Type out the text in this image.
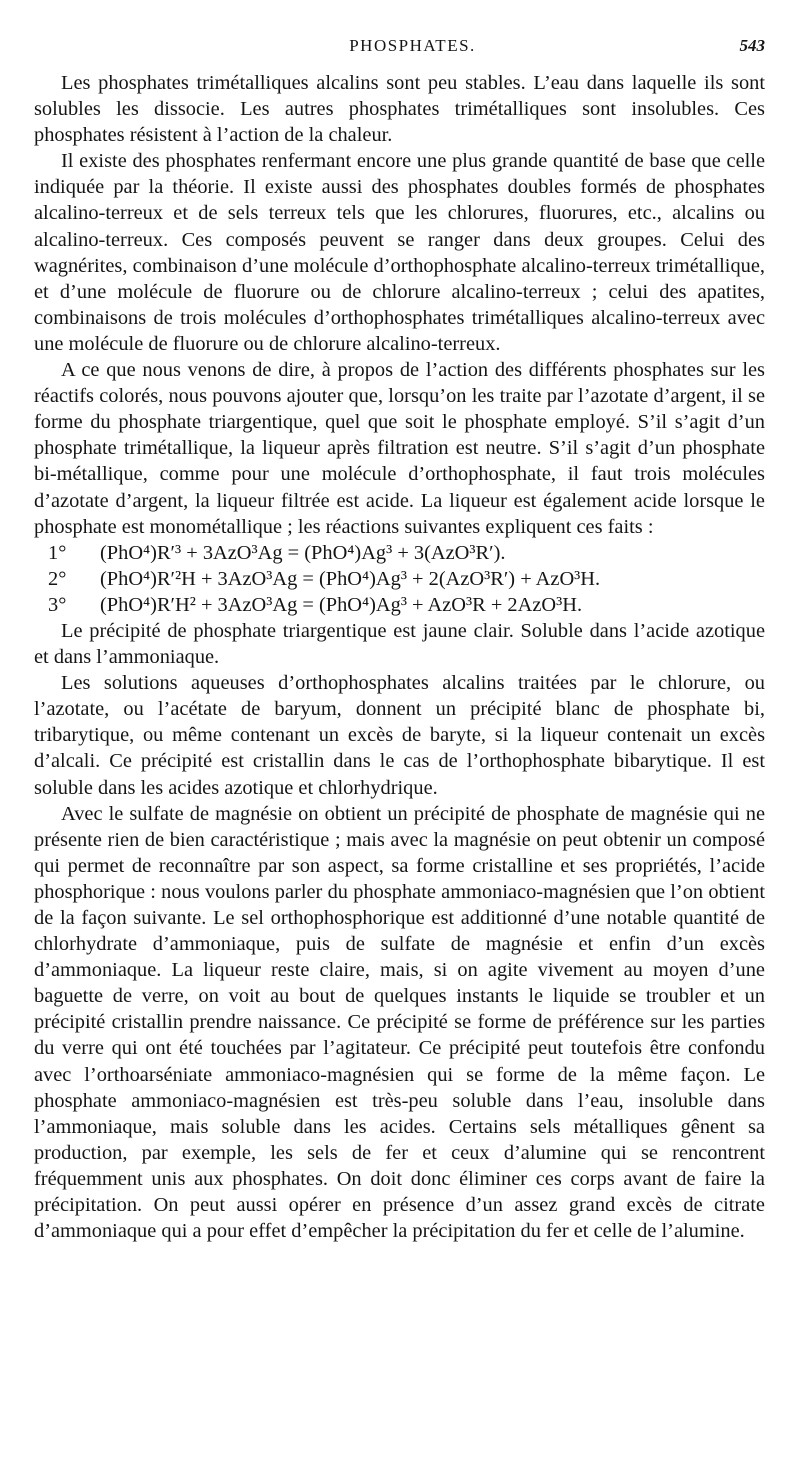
PHOSPHATES.	543

Les phosphates trimétalliques alcalins sont peu stables. L’eau dans laquelle ils sont solubles les dissocie. Les autres phosphates trimétalliques sont insolubles. Ces phosphates résistent à l’action de la chaleur.

Il existe des phosphates renfermant encore une plus grande quantité de base que celle indiquée par la théorie. Il existe aussi des phosphates doubles formés de phosphates alcalino-terreux et de sels terreux tels que les chlorures, fluorures, etc., alcalins ou alcalino-terreux. Ces composés peuvent se ranger dans deux groupes. Celui des wagnérites, combinaison d’une molécule d’orthophosphate alcalino-terreux trimétallique, et d’une molécule de fluorure ou de chlorure alcalino-terreux ; celui des apatites, combinaisons de trois molécules d’orthophosphates trimétalliques alcalino-terreux avec une molécule de fluorure ou de chlorure alcalino-terreux.

A ce que nous venons de dire, à propos de l’action des différents phosphates sur les réactifs colorés, nous pouvons ajouter que, lorsqu’on les traite par l’azotate d’argent, il se forme du phosphate triargentique, quel que soit le phosphate employé. S’il s’agit d’un phosphate trimétallique, la liqueur après filtration est neutre. S’il s’agit d’un phosphate bi-métallique, comme pour une molécule d’orthophosphate, il faut trois molécules d’azotate d’argent, la liqueur filtrée est acide. La liqueur est également acide lorsque le phosphate est monométallique ; les réactions suivantes expliquent ces faits :

1°	(PhO⁴)R′³ + 3AzO³Ag = (PhO⁴)Ag³ + 3(AzO³R′).
2°	(PhO⁴)R′²H + 3AzO³Ag = (PhO⁴)Ag³ + 2(AzO³R′) + AzO³H.
3°	(PhO⁴)R′H² + 3AzO³Ag = (PhO⁴)Ag³ + AzO³R + 2AzO³H.

Le précipité de phosphate triargentique est jaune clair. Soluble dans l’acide azotique et dans l’ammoniaque.

Les solutions aqueuses d’orthophosphates alcalins traitées par le chlorure, ou l’azotate, ou l’acétate de baryum, donnent un précipité blanc de phosphate bi, tribarytique, ou même contenant un excès de baryte, si la liqueur contenait un excès d’alcali. Ce précipité est cristallin dans le cas de l’orthophosphate bibarytique. Il est soluble dans les acides azotique et chlorhydrique.

Avec le sulfate de magnésie on obtient un précipité de phosphate de magnésie qui ne présente rien de bien caractéristique ; mais avec la magnésie on peut obtenir un composé qui permet de reconnaître par son aspect, sa forme cristalline et ses propriétés, l’acide phosphorique : nous voulons parler du phosphate ammoniaco-magnésien que l’on obtient de la façon suivante. Le sel orthophosphorique est additionné d’une notable quantité de chlorhydrate d’ammoniaque, puis de sulfate de magnésie et enfin d’un excès d’ammoniaque. La liqueur reste claire, mais, si on agite vivement au moyen d’une baguette de verre, on voit au bout de quelques instants le liquide se troubler et un précipité cristallin prendre naissance. Ce précipité se forme de préférence sur les parties du verre qui ont été touchées par l’agitateur. Ce précipité peut toutefois être confondu avec l’orthoarséniate ammoniaco-magnésien qui se forme de la même façon. Le phosphate ammoniaco-magnésien est très-peu soluble dans l’eau, insoluble dans l’ammoniaque, mais soluble dans les acides. Certains sels métalliques gênent sa production, par exemple, les sels de fer et ceux d’alumine qui se rencontrent fréquemment unis aux phosphates. On doit donc éliminer ces corps avant de faire la précipitation. On peut aussi opérer en présence d’un assez grand excès de citrate d’ammoniaque qui a pour effet d’empêcher la précipitation du fer et celle de l’alumine.
